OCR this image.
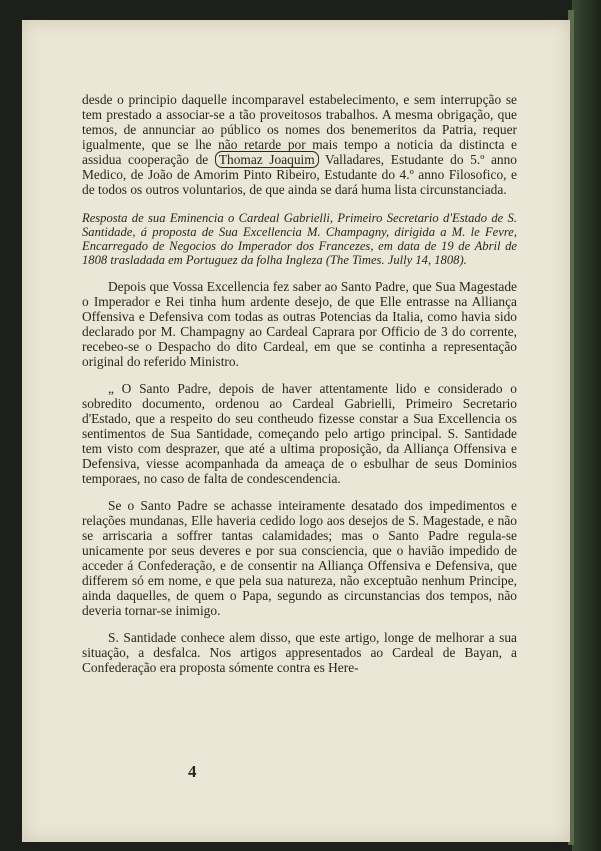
desde o principio daquelle incomparavel estabelecimento, e sem interrupção se tem prestado a associar-se a tão proveitosos trabalhos. A mesma obrigação, que temos, de annunciar ao público os nomes dos benemeritos da Patria, requer igualmente, que se lhe não retarde por mais tempo a noticia da distincta e assidua cooperação de Thomaz Joaquim Valladares, Estudante do 5.º anno Medico, de João de Amorim Pinto Ribeiro, Estudante do 4.º anno Filosofico, e de todos os outros voluntarios, de que ainda se dará huma lista circunstanciada.

Resposta de sua Eminencia o Cardeal Gabrielli, Primeiro Secretario d'Estado de S. Santidade, á proposta de Sua Excellencia M. Champagny, dirigida a M. le Fevre, Encarregado de Negocios do Imperador dos Francezes, em data de 19 de Abril de 1808 trasladada em Portuguez da folha Ingleza (The Times. Jully 14, 1808).

Depois que Vossa Excellencia fez saber ao Santo Padre, que Sua Magestade o Imperador e Rei tinha hum ardente desejo, de que Elle entrasse na Alliança Offensiva e Defensiva com todas as outras Potencias da Italia, como havia sido declarado por M. Champagny ao Cardeal Caprara por Officio de 3 do corrente, recebeo-se o Despacho do dito Cardeal, em que se continha a representação original do referido Ministro.

„ O Santo Padre, depois de haver attentamente lido e considerado o sobredito documento, ordenou ao Cardeal Gabrielli, Primeiro Secretario d'Estado, que a respeito do seu contheudo fizesse constar a Sua Excellencia os sentimentos de Sua Santidade, começando pelo artigo principal. S. Santidade tem visto com desprazer, que até a ultima proposição, da Alliança Offensiva e Defensiva, viesse acompanhada da ameaça de o esbulhar de seus Dominios temporaes, no caso de falta de condescendencia.

Se o Santo Padre se achasse inteiramente desatado dos impedimentos e relações mundanas, Elle haveria cedido logo aos desejos de S. Magestade, e não se arriscaria a soffrer tantas calamidades; mas o Santo Padre regula-se unicamente por seus deveres e por sua consciencia, que o havião impedido de acceder á Confederação, e de consentir na Alliança Offensiva e Defensiva, que differem só em nome, e que pela sua natureza, não exceptuão nenhum Principe, ainda daquelles, de quem o Papa, segundo as circunstancias dos tempos, não deveria tornar-se inimigo.

S. Santidade conhece alem disso, que este artigo, longe de melhorar a sua situação, a desfalca. Nos artigos appresentados ao Cardeal de Bayan, a Confederação era proposta sómente contra es Here-

4
